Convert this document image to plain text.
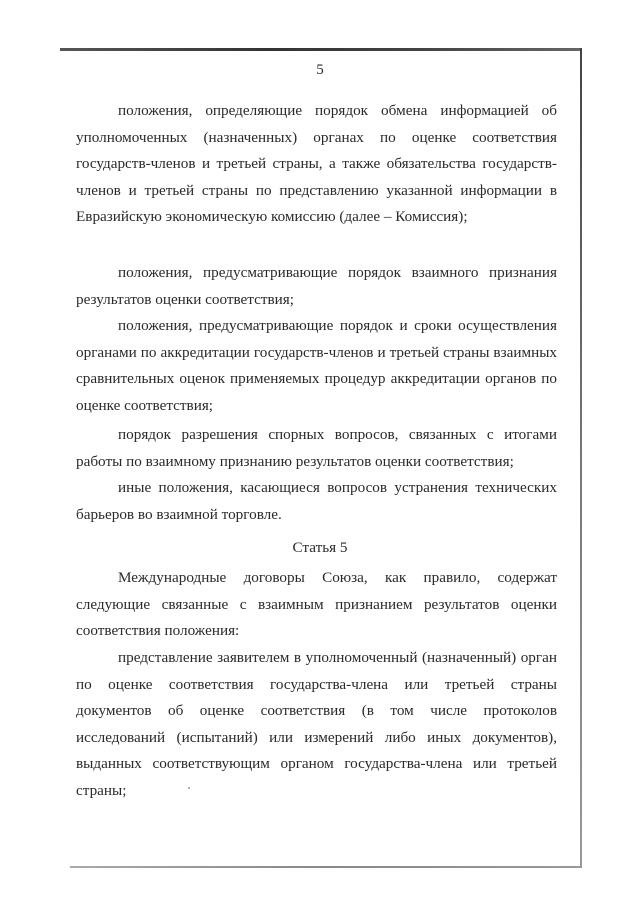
5

положения, определяющие порядок обмена информацией об уполномоченных (назначенных) органах по оценке соответствия государств-членов и третьей страны, а также обязательства государств-членов и третьей страны по представлению указанной информации в Евразийскую экономическую комиссию (далее – Комиссия);

положения, предусматривающие порядок взаимного признания результатов оценки соответствия;

положения, предусматривающие порядок и сроки осуществления органами по аккредитации государств-членов и третьей страны взаимных сравнительных оценок применяемых процедур аккредитации органов по оценке соответствия;

порядок разрешения спорных вопросов, связанных с итогами работы по взаимному признанию результатов оценки соответствия;

иные положения, касающиеся вопросов устранения технических барьеров во взаимной торговле.

Статья 5

Международные договоры Союза, как правило, содержат следующие связанные с взаимным признанием результатов оценки соответствия положения:

представление заявителем в уполномоченный (назначенный) орган по оценке соответствия государства-члена или третьей страны документов об оценке соответствия (в том числе протоколов исследований (испытаний) или измерений либо иных документов), выданных соответствующим органом государства-члена или третьей страны;
